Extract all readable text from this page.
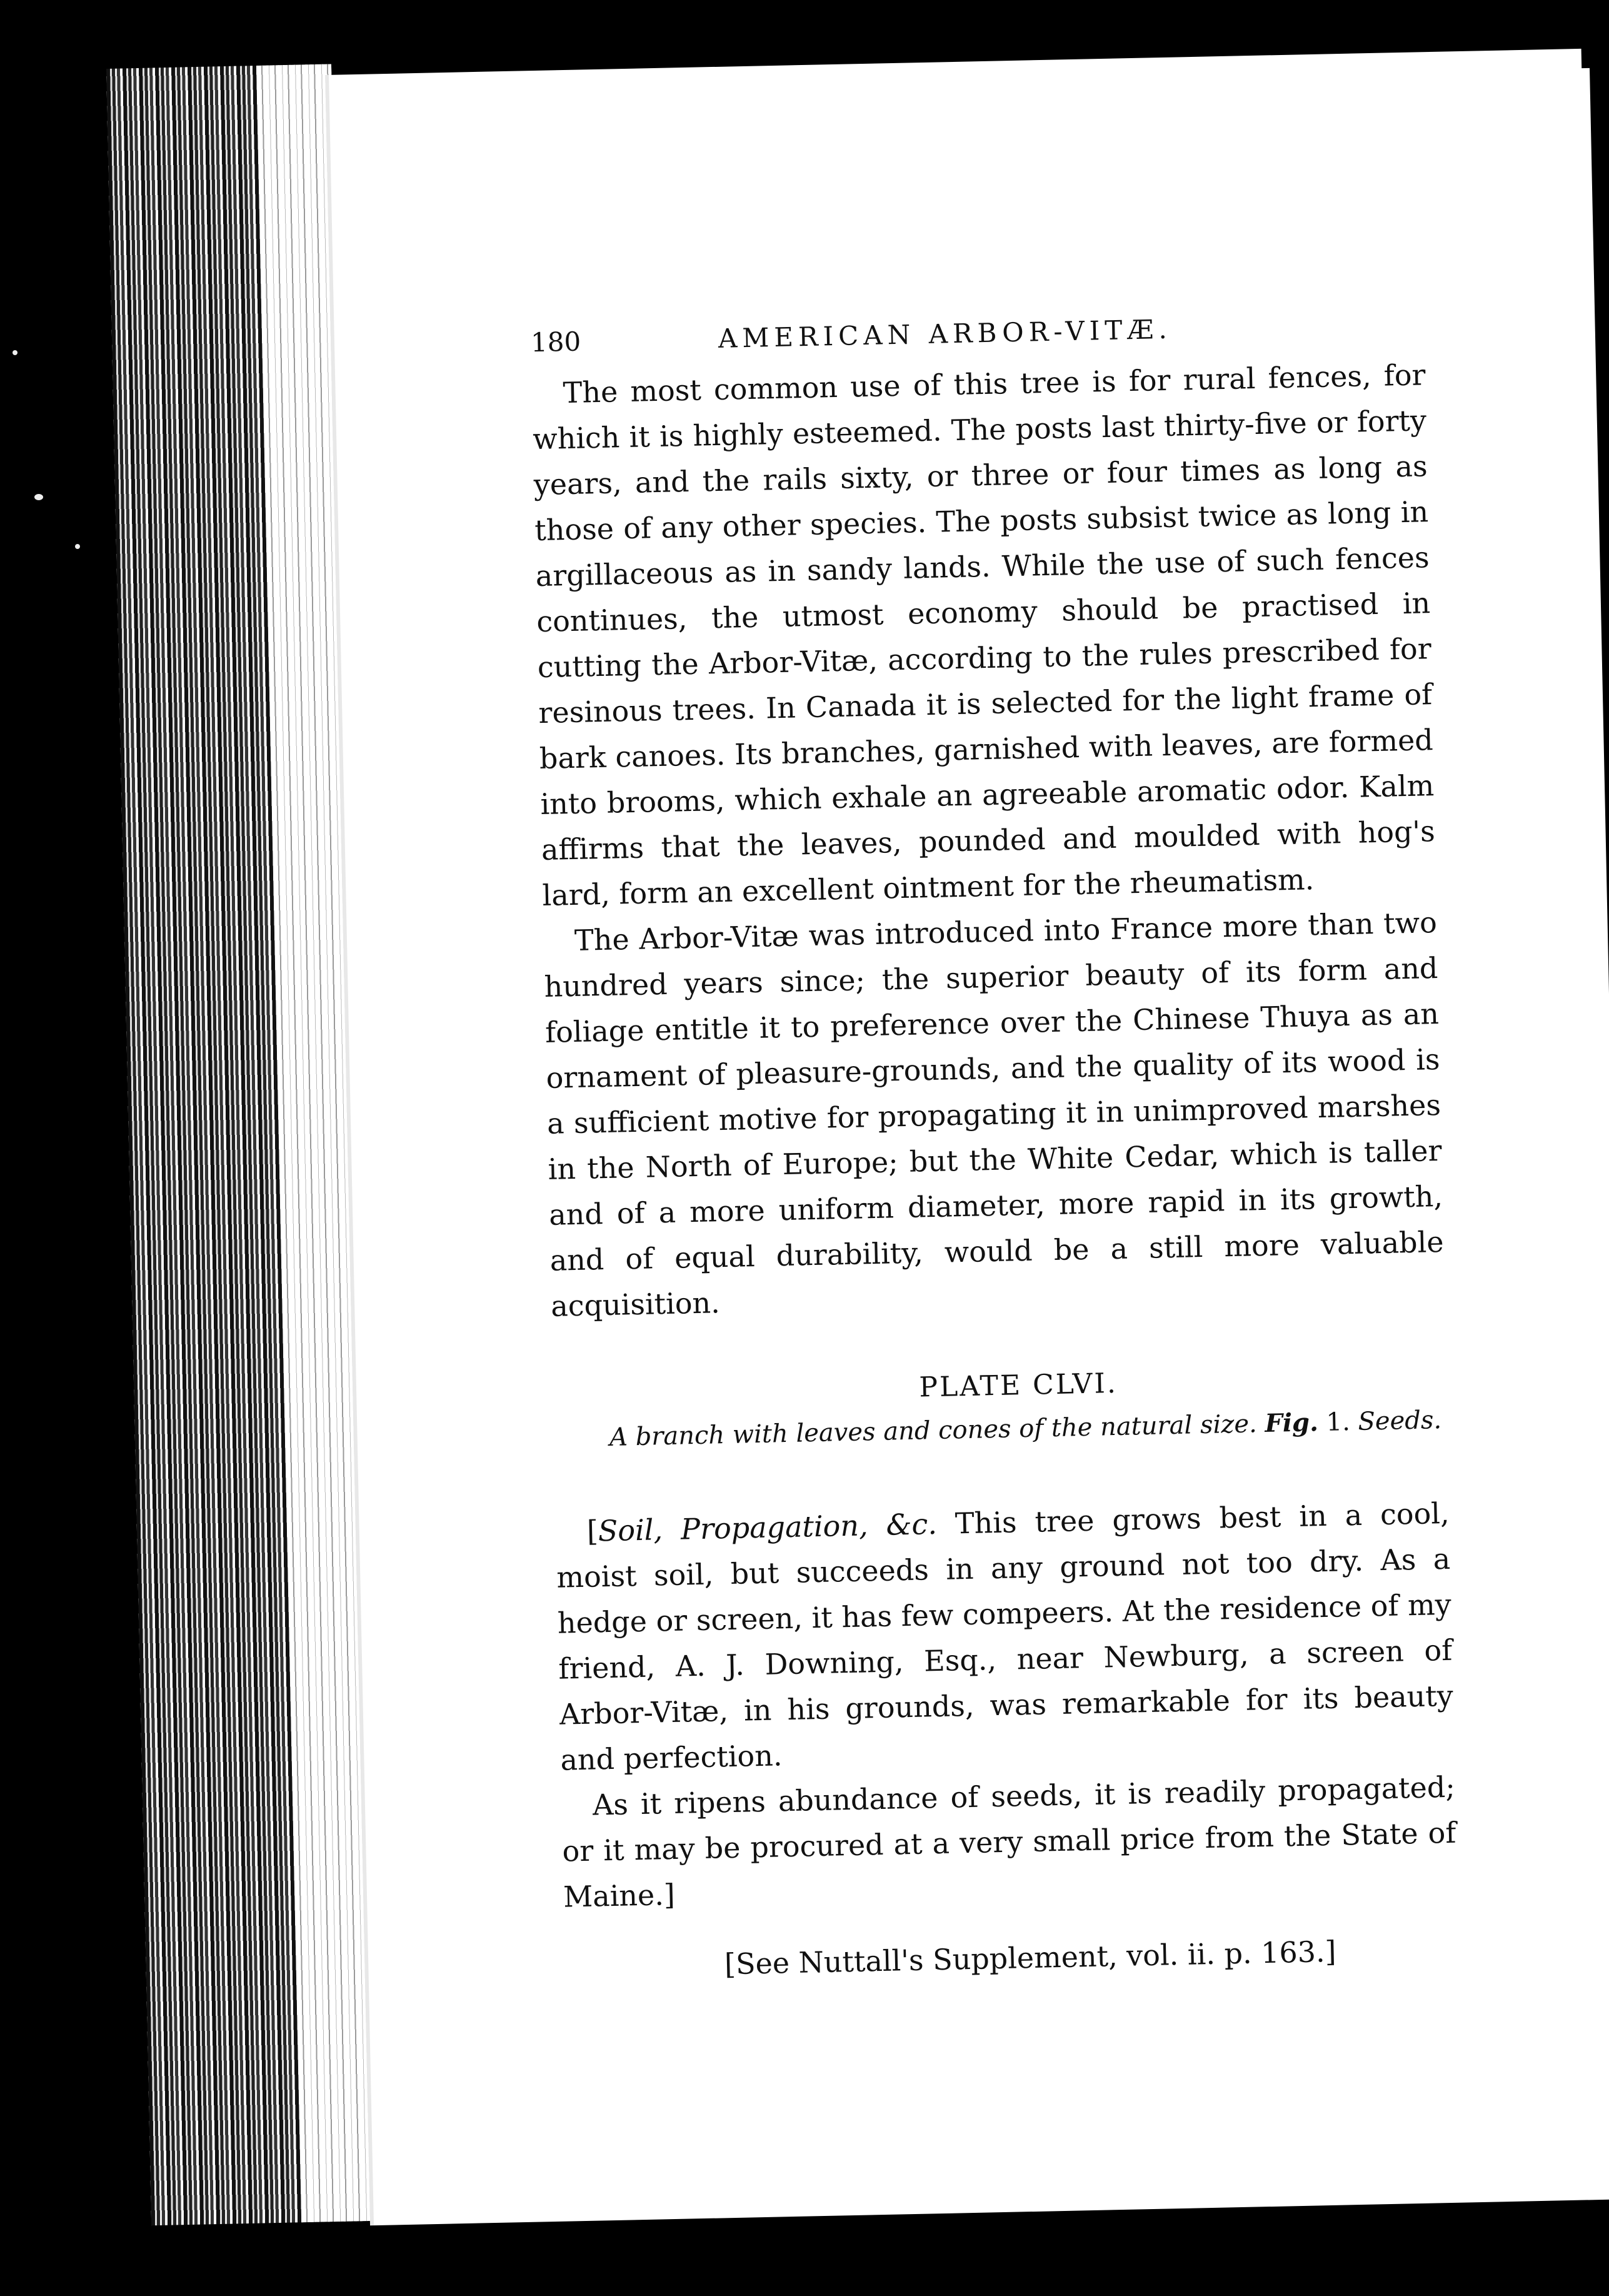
180	AMERICAN ARBOR-VITÆ.

The most common use of this tree is for rural fences, for which it is highly esteemed. The posts last thirty-five or forty years, and the rails sixty, or three or four times as long as those of any other species. The posts subsist twice as long in argillaceous as in sandy lands. While the use of such fences continues, the utmost economy should be practised in cutting the Arbor-Vitæ, according to the rules prescribed for resinous trees. In Canada it is selected for the light frame of bark canoes. Its branches, garnished with leaves, are formed into brooms, which exhale an agreeable aromatic odor. Kalm affirms that the leaves, pounded and moulded with hog's lard, form an excellent ointment for the rheumatism.

The Arbor-Vitæ was introduced into France more than two hundred years since; the superior beauty of its form and foliage entitle it to preference over the Chinese Thuya as an ornament of pleasure-grounds, and the quality of its wood is a sufficient motive for propagating it in unimproved marshes in the North of Europe; but the White Cedar, which is taller and of a more uniform diameter, more rapid in its growth, and of equal durability, would be a still more valuable acquisition.

PLATE CLVI.
A branch with leaves and cones of the natural size. Fig. 1. Seeds.

[Soil, Propagation, &c. This tree grows best in a cool, moist soil, but succeeds in any ground not too dry. As a hedge or screen, it has few compeers. At the residence of my friend, A. J. Downing, Esq., near Newburg, a screen of Arbor-Vitæ, in his grounds, was remarkable for its beauty and perfection.

As it ripens abundance of seeds, it is readily propagated; or it may be procured at a very small price from the State of Maine.]

[See Nuttall's Supplement, vol. ii. p. 163.]
